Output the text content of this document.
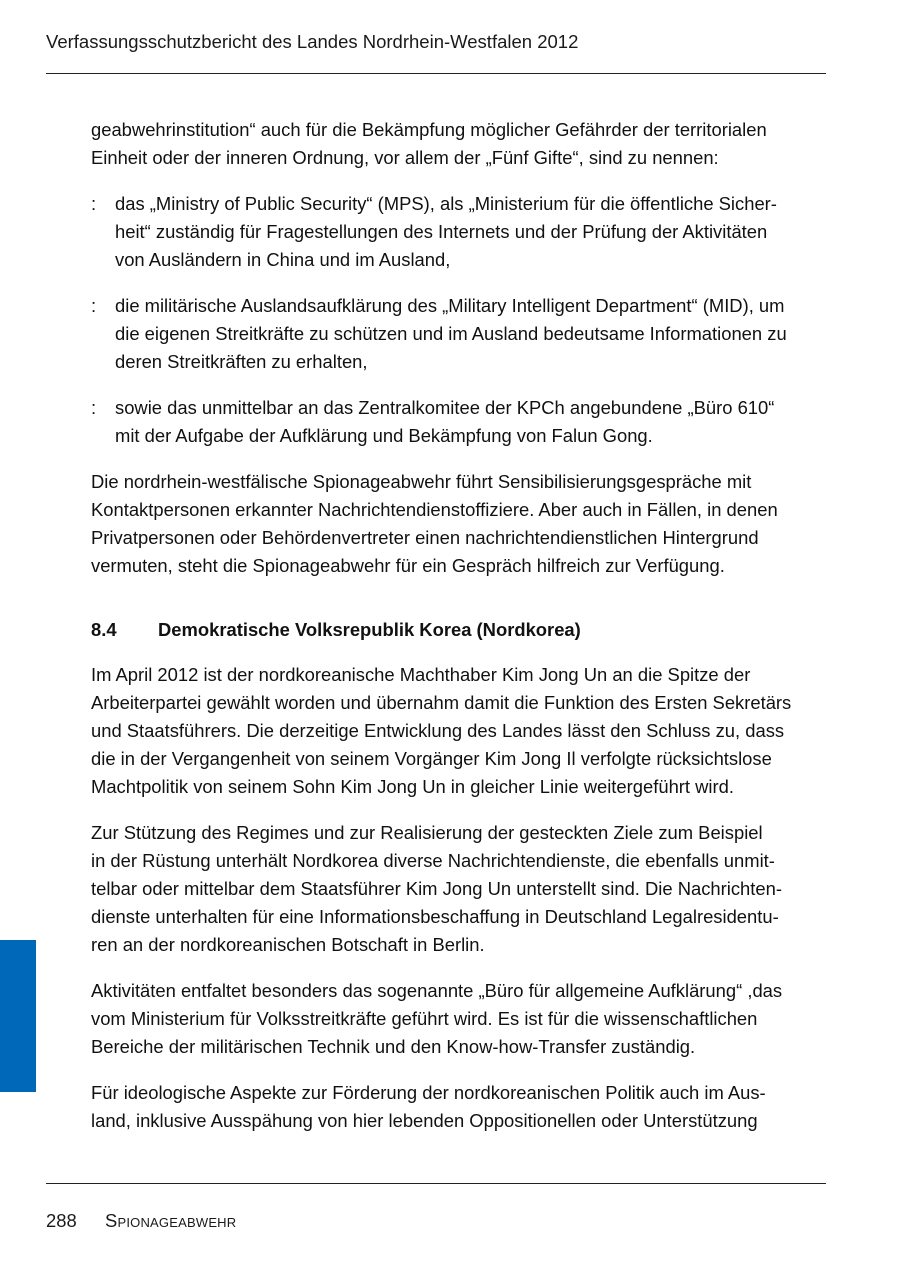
Verfassungsschutzbericht des Landes Nordrhein-Westfalen 2012

geabwehrinstitution“ auch für die Bekämpfung möglicher Gefährder der territorialen
Einheit oder der inneren Ordnung, vor allem der „Fünf Gifte“, sind zu nennen:

: das „Ministry of Public Security“ (MPS), als „Ministerium für die öffentliche Sicher-
heit“ zuständig für Fragestellungen des Internets und der Prüfung der Aktivitäten
von Ausländern in China und im Ausland,
: die militärische Auslandsaufklärung des „Military Intelligent Department“ (MID), um
die eigenen Streitkräfte zu schützen und im Ausland bedeutsame Informationen zu
deren Streitkräften zu erhalten,
: sowie das unmittelbar an das Zentralkomitee der KPCh angebundene „Büro 610“
mit der Aufgabe der Aufklärung und Bekämpfung von Falun Gong.

Die nordrhein-westfälische Spionageabwehr führt Sensibilisierungsgespräche mit
Kontaktpersonen erkannter Nachrichtendienstoffiziere. Aber auch in Fällen, in denen
Privatpersonen oder Behördenvertreter einen nachrichtendienstlichen Hintergrund
vermuten, steht die Spionageabwehr für ein Gespräch hilfreich zur Verfügung.

8.4 Demokratische Volksrepublik Korea (Nordkorea)

Im April 2012 ist der nordkoreanische Machthaber Kim Jong Un an die Spitze der
Arbeiterpartei gewählt worden und übernahm damit die Funktion des Ersten Sekretärs
und Staatsführers. Die derzeitige Entwicklung des Landes lässt den Schluss zu, dass
die in der Vergangenheit von seinem Vorgänger Kim Jong Il verfolgte rücksichtslose
Machtpolitik von seinem Sohn Kim Jong Un in gleicher Linie weitergeführt wird.

Zur Stützung des Regimes und zur Realisierung der gesteckten Ziele zum Beispiel
in der Rüstung unterhält Nordkorea diverse Nachrichtendienste, die ebenfalls unmit-
telbar oder mittelbar dem Staatsführer Kim Jong Un unterstellt sind. Die Nachrichten-
dienste unterhalten für eine Informationsbeschaffung in Deutschland Legalresidentu-
ren an der nordkoreanischen Botschaft in Berlin.

Aktivitäten entfaltet besonders das sogenannte „Büro für allgemeine Aufklärung“ ,das
vom Ministerium für Volksstreitkräfte geführt wird. Es ist für die wissenschaftlichen
Bereiche der militärischen Technik und den Know-how-Transfer zuständig.

Für ideologische Aspekte zur Förderung der nordkoreanischen Politik auch im Aus-
land, inklusive Ausspähung von hier lebenden Oppositionellen oder Unterstützung

288 Spionageabwehr
